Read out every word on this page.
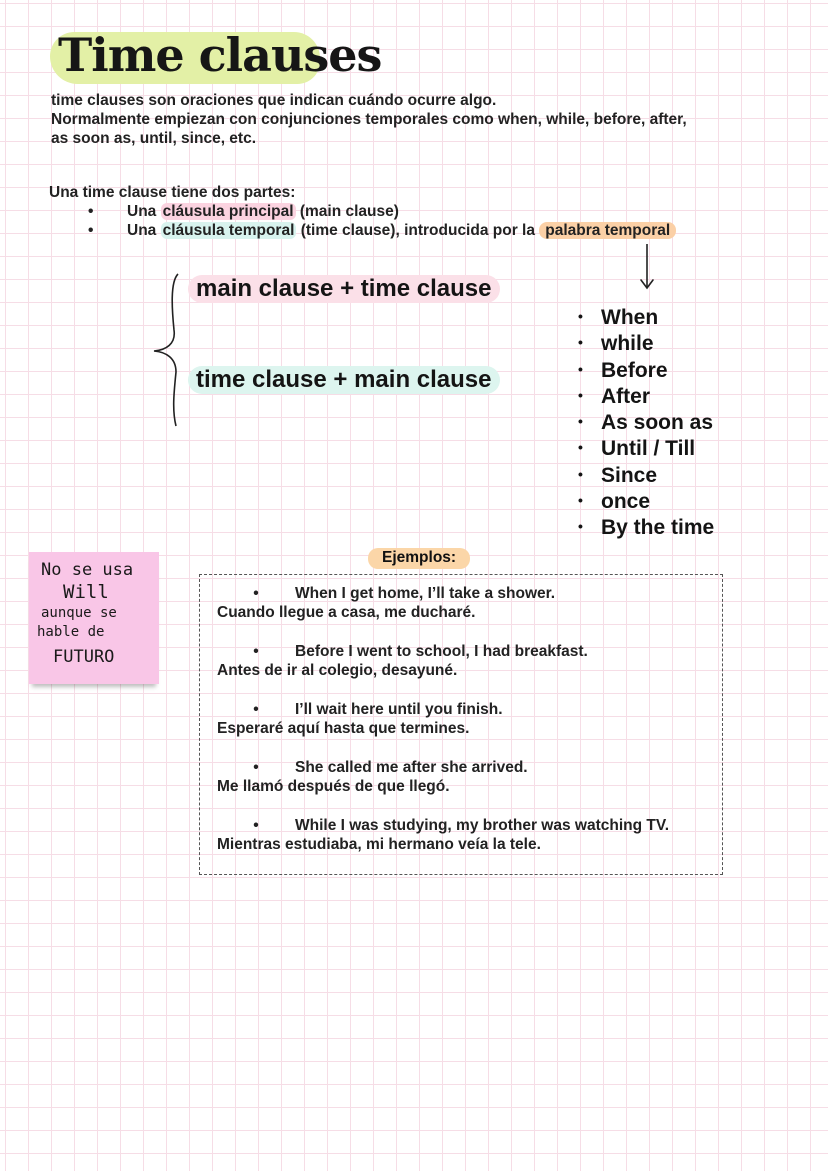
Time clauses

time clauses son oraciones que indican cuándo ocurre algo.

Normalmente empiezan con conjunciones temporales como when, while, before, after,

as soon as, until, since, etc.

Una time clause tiene dos partes:

• Una cláusula principal (main clause)
• Una cláusula temporal (time clause), introducida por la palabra temporal
main clause + time clause
time clause + main clause
• When
• while
• Before
• After
• As soon as
• Until / Till
• Since
• once
• By the time
No se usa
Will
aunque se
hable de
FUTURO
Ejemplos:
• When I get home, I’ll take a shower.
Cuando llegue a casa, me ducharé.
• Before I went to school, I had breakfast.
Antes de ir al colegio, desayuné.
• I’ll wait here until you finish.
Esperaré aquí hasta que termines.
• She called me after she arrived.
Me llamó después de que llegó.
• While I was studying, my brother was watching TV.
Mientras estudiaba, mi hermano veía la tele.
